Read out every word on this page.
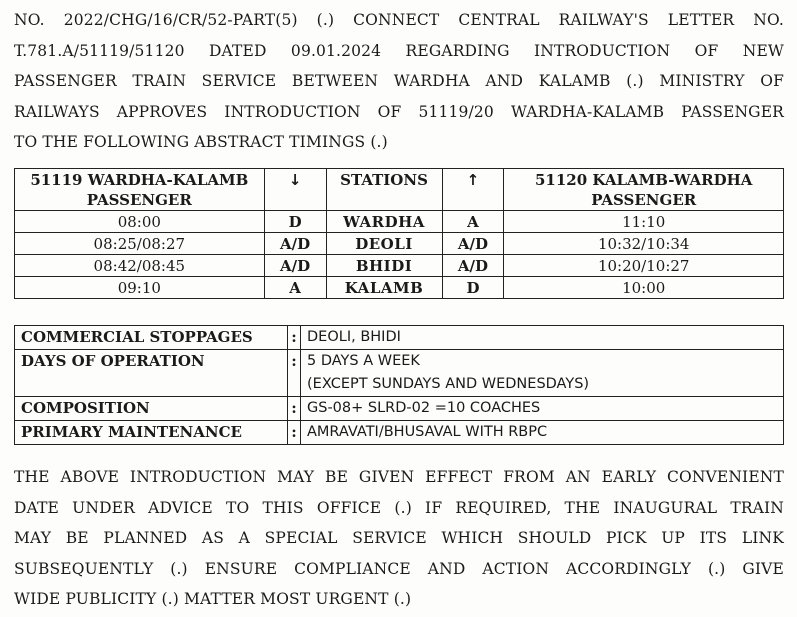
NO. 2022/CHG/16/CR/52-PART(5) (.) CONNECT CENTRAL RAILWAY'S LETTER NO.
T.781.A/51119/51120 DATED 09.01.2024 REGARDING INTRODUCTION OF NEW
PASSENGER TRAIN SERVICE BETWEEN WARDHA AND KALAMB (.) MINISTRY OF
RAILWAYS APPROVES INTRODUCTION OF 51119/20 WARDHA-KALAMB PASSENGER
TO THE FOLLOWING ABSTRACT TIMINGS (.)
51119 WARDHA-KALAMB PASSENGER	↓	STATIONS	↑	51120 KALAMB-WARDHA PASSENGER
08:00	D	WARDHA	A	11:10
08:25/08:27	A/D	DEOLI	A/D	10:32/10:34
08:42/08:45	A/D	BHIDI	A/D	10:20/10:27
09:10	A	KALAMB	D	10:00
COMMERCIAL STOPPAGES	:	DEOLI, BHIDI
DAYS OF OPERATION	:	5 DAYS A WEEK
(EXCEPT SUNDAYS AND WEDNESDAYS)

COMPOSITION	:	GS-08+ SLRD-02 =10 COACHES
PRIMARY MAINTENANCE	:	AMRAVATI/BHUSAVAL WITH RBPC
THE ABOVE INTRODUCTION MAY BE GIVEN EFFECT FROM AN EARLY CONVENIENT
DATE UNDER ADVICE TO THIS OFFICE (.) IF REQUIRED, THE INAUGURAL TRAIN
MAY BE PLANNED AS A SPECIAL SERVICE WHICH SHOULD PICK UP ITS LINK
SUBSEQUENTLY (.) ENSURE COMPLIANCE AND ACTION ACCORDINGLY (.) GIVE
WIDE PUBLICITY (.) MATTER MOST URGENT (.)
